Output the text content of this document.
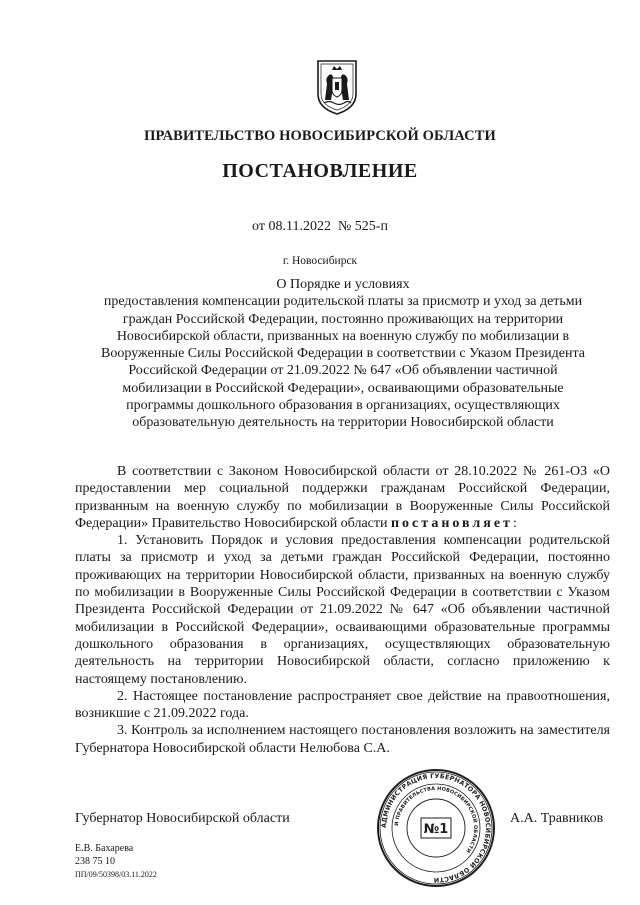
ПРАВИТЕЛЬСТВО НОВОСИБИРСКОЙ ОБЛАСТИ
ПОСТАНОВЛЕНИЕ
от 08.11.2022  № 525-п
г. Новосибирск
О Порядке и условиях
предоставления компенсации родительской платы за присмотр и уход за детьми
граждан Российской Федерации, постоянно проживающих на территории
Новосибирской области, призванных на военную службу по мобилизации в
Вооруженные Силы Российской Федерации в соответствии с Указом Президента
Российской Федерации от 21.09.2022 № 647 «Об объявлении частичной
мобилизации в Российской Федерации», осваивающими образовательные
программы дошкольного образования в организациях, осуществляющих
образовательную деятельность на территории Новосибирской области

В соответствии с Законом Новосибирской области от 28.10.2022 № 261-ОЗ «О предоставлении мер социальной поддержки гражданам Российской Федерации, призванным на военную службу по мобилизации в Вооруженные Силы Российской Федерации» Правительство Новосибирской области постановляет:

1. Установить Порядок и условия предоставления компенсации родительской платы за присмотр и уход за детьми граждан Российской Федерации, постоянно проживающих на территории Новосибирской области, призванных на военную службу по мобилизации в Вооруженные Силы Российской Федерации в соответствии с Указом Президента Российской Федерации от 21.09.2022 № 647 «Об объявлении частичной мобилизации в Российской Федерации», осваивающими образовательные программы дошкольного образования в организациях, осуществляющих образовательную деятельность на территории Новосибирской области, согласно приложению к настоящему постановлению.

2. Настоящее постановление распространяет свое действие на правоотношения, возникшие с 21.09.2022 года.

3. Контроль за исполнением настоящего постановления возложить на заместителя Губернатора Новосибирской области Нелюбова С.А.

Губернатор Новосибирской области	А.А. Травников
АДМИНИСТРАЦИЯ ГУБЕРНАТОРА НОВОСИБИРСКОЙ ОБЛАСТИ
И ПРАВИТЕЛЬСТВА НОВОСИБИРСКОЙ ОБЛАСТИ
№1
Е.В. Бахарева
238 75 10
ПП/09/50398/03.11.2022
